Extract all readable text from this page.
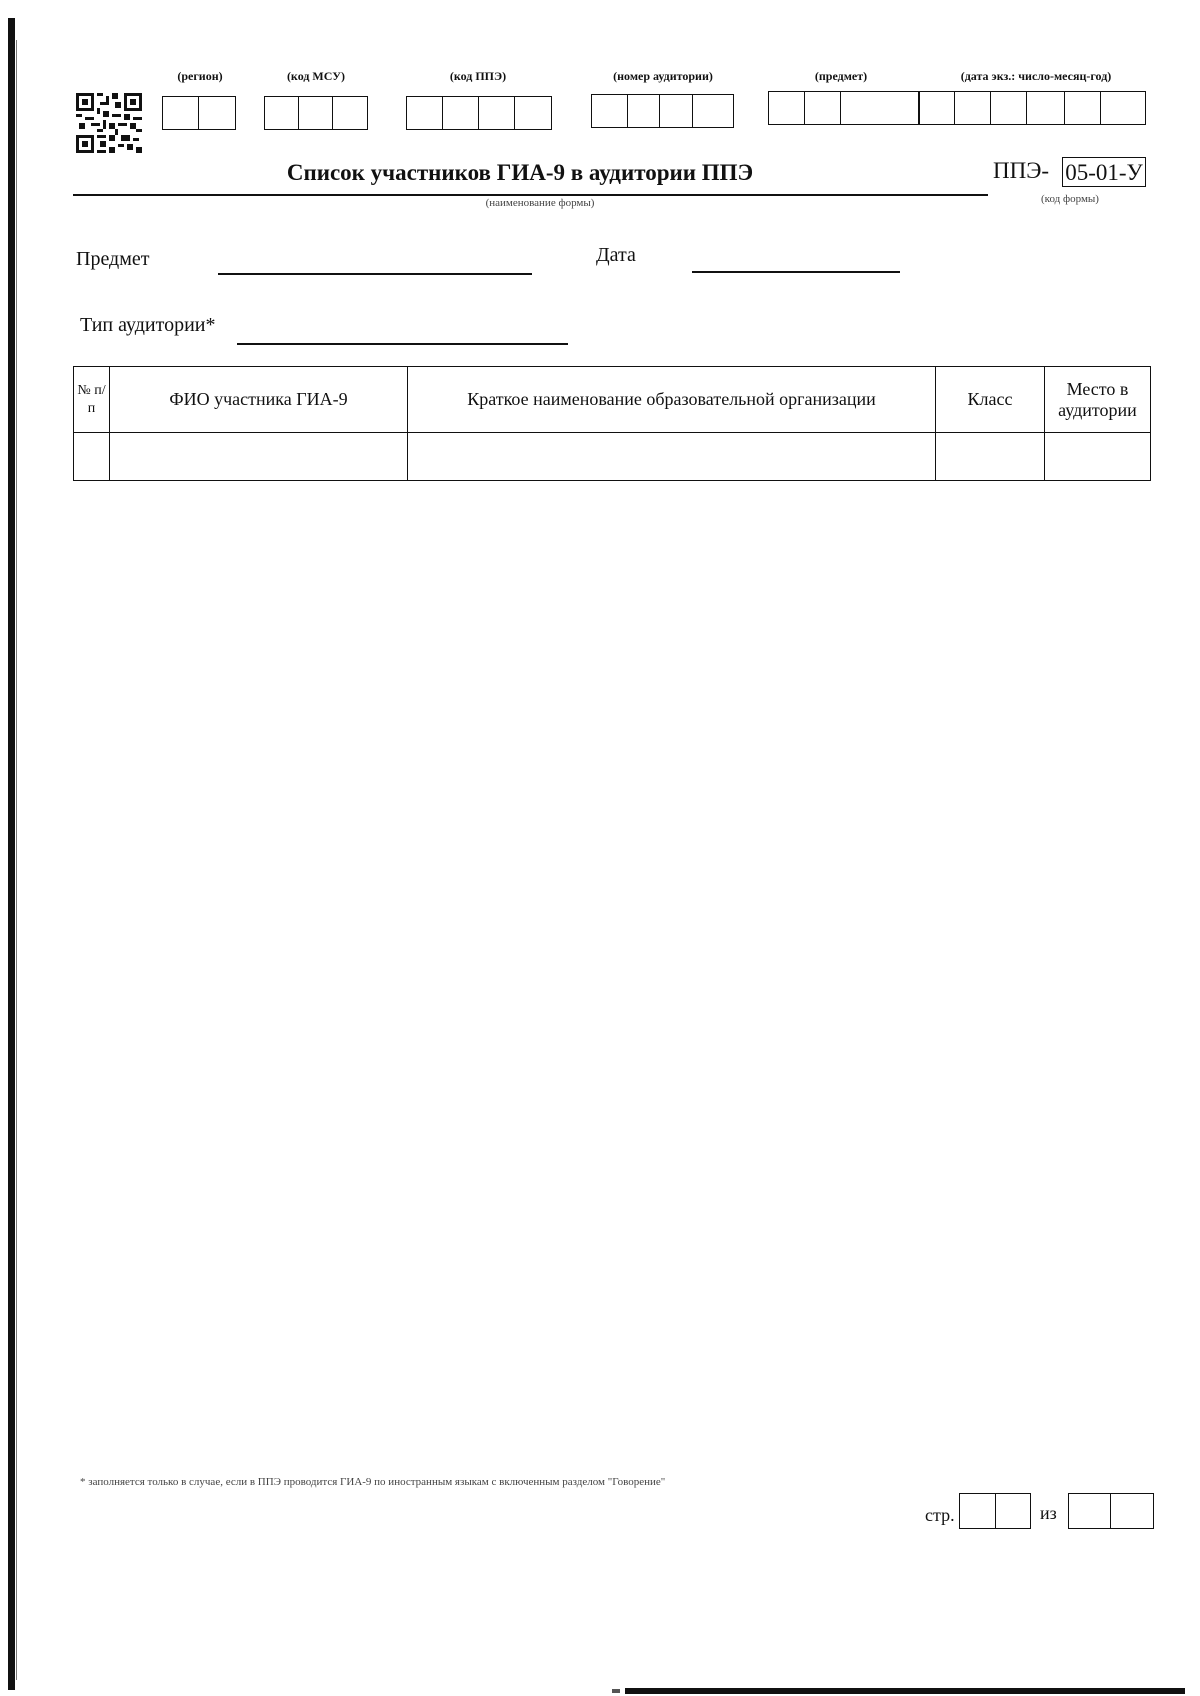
(регион)	(код МСУ)	(код ППЭ)	(номер аудитории)	(предмет)	(дата экз.: число-месяц-год)
Список участников ГИА-9 в аудитории ППЭ
(наименование формы)
ППЭ- 05-01-У
(код формы)
Предмет	Дата
Тип аудитории*
№ п/п	ФИО участника ГИА-9	Краткое наименование образовательной организации	Класс	Место в аудитории

* заполняется только в случае, если в ППЭ проводится ГИА-9 по иностранным языкам с включенным разделом "Говорение"
стр.	из
